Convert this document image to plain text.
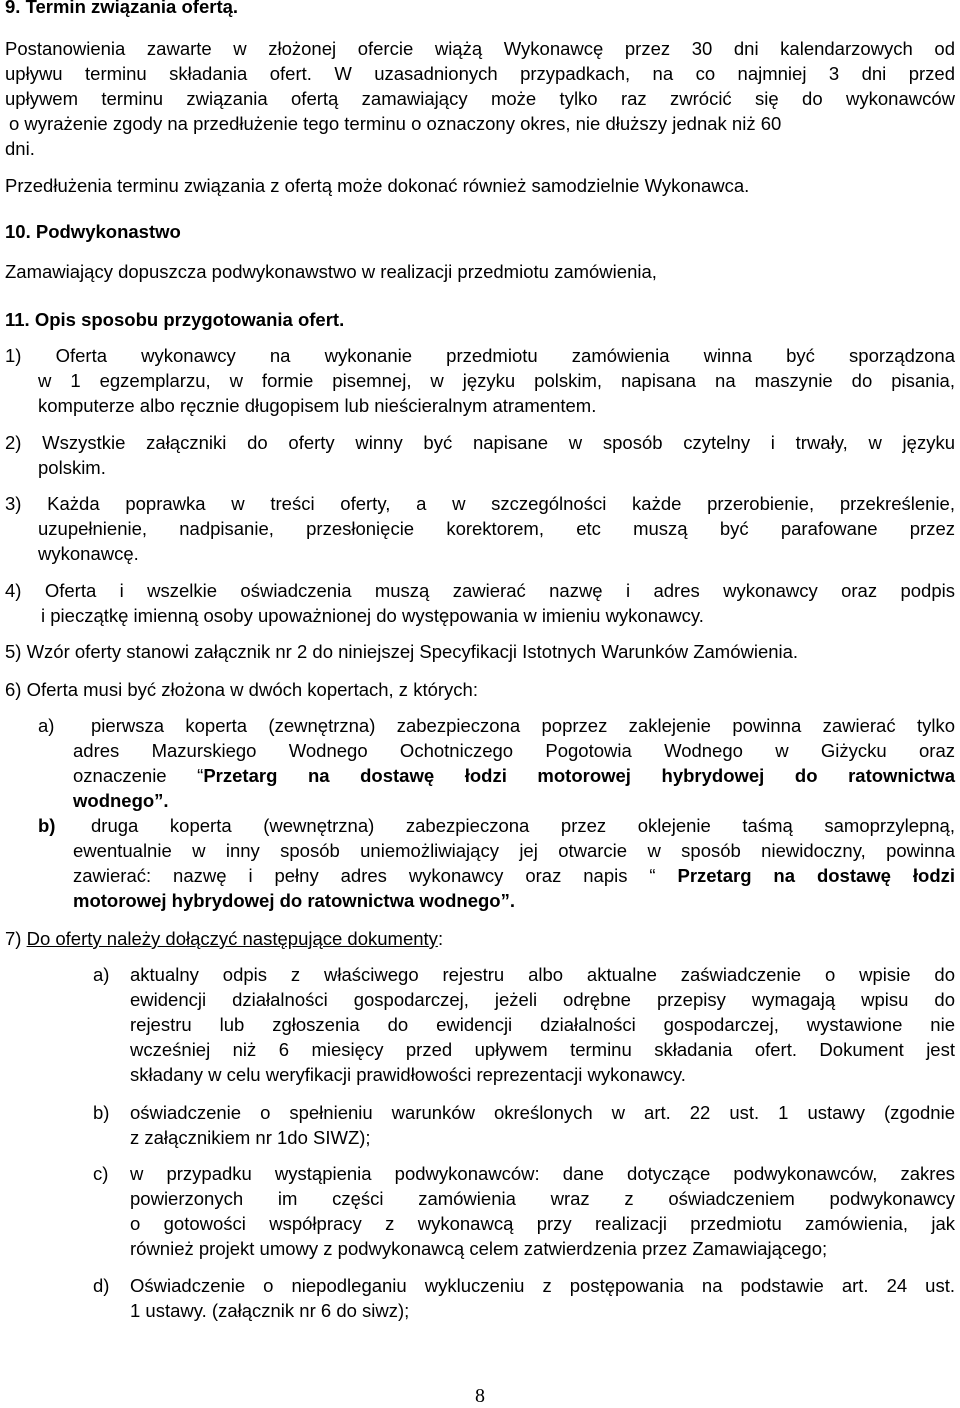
9. Termin związania ofertą.
Postanowienia zawarte w złożonej ofercie wiążą Wykonawcę przez 30 dni kalendarzowych od
upływu terminu składania ofert. W uzasadnionych przypadkach, na co najmniej 3 dni przed
upływem terminu związania ofertą zamawiający może tylko raz zwrócić się do wykonawców
o wyrażenie zgody na przedłużenie tego terminu o oznaczony okres, nie dłuższy jednak niż 60
dni.
Przedłużenia terminu związania z ofertą może dokonać również samodzielnie Wykonawca.
10. Podwykonastwo
Zamawiający dopuszcza podwykonawstwo w realizacji przedmiotu zamówienia,
11. Opis sposobu przygotowania ofert.
1) Oferta wykonawcy na wykonanie przedmiotu zamówienia winna być sporządzona
w 1 egzemplarzu, w formie pisemnej, w języku polskim, napisana na maszynie do pisania,
komputerze albo ręcznie długopisem lub nieścieralnym atramentem.
2) Wszystkie załączniki do oferty winny być napisane w sposób czytelny i trwały, w języku
polskim.
3) Każda poprawka w treści oferty, a w szczególności każde przerobienie, przekreślenie,
uzupełnienie, nadpisanie, przesłonięcie korektorem, etc muszą być parafowane przez
wykonawcę.
4) Oferta i wszelkie oświadczenia muszą zawierać nazwę i adres wykonawcy oraz podpis
i pieczątkę imienną osoby upoważnionej do występowania w imieniu wykonawcy.
5) Wzór oferty stanowi załącznik nr 2 do niniejszej Specyfikacji Istotnych Warunków Zamówienia.
6) Oferta musi być złożona w dwóch kopertach, z których:
a)	pierwsza koperta (zewnętrzna) zabezpieczona poprzez zaklejenie powinna zawierać tylko
adres Mazurskiego Wodnego Ochotniczego Pogotowia Wodnego w Giżycku oraz
oznaczenie “Przetarg na dostawę łodzi motorowej hybrydowej do ratownictwa
wodnego”.
b)	druga koperta (wewnętrzna) zabezpieczona przez oklejenie taśmą samoprzylepną,
ewentualnie w inny sposób uniemożliwiający jej otwarcie w sposób niewidoczny, powinna
zawierać: nazwę i pełny adres wykonawcy oraz napis “ Przetarg na dostawę łodzi
motorowej hybrydowej do ratownictwa wodnego”.
7) Do oferty należy dołączyć następujące dokumenty:
a)	aktualny odpis z właściwego rejestru albo aktualne zaświadczenie o wpisie do
ewidencji działalności gospodarczej, jeżeli odrębne przepisy wymagają wpisu do
rejestru lub zgłoszenia do ewidencji działalności gospodarczej, wystawione nie
wcześniej niż 6 miesięcy przed upływem terminu składania ofert. Dokument jest
składany w celu weryfikacji prawidłowości reprezentacji wykonawcy.
b)	oświadczenie o spełnieniu warunków określonych w art. 22 ust. 1 ustawy (zgodnie
z załącznikiem nr 1do SIWZ);
c)	w przypadku wystąpienia podwykonawców: dane dotyczące podwykonawców, zakres
powierzonych im części zamówienia wraz z oświadczeniem podwykonawcy
o gotowości współpracy z wykonawcą przy realizacji przedmiotu zamówienia, jak
również projekt umowy z podwykonawcą celem zatwierdzenia przez Zamawiającego;
d)	Oświadczenie o niepodleganiu wykluczeniu z postępowania na podstawie art. 24 ust.
1 ustawy. (załącznik nr 6 do siwz);
8
